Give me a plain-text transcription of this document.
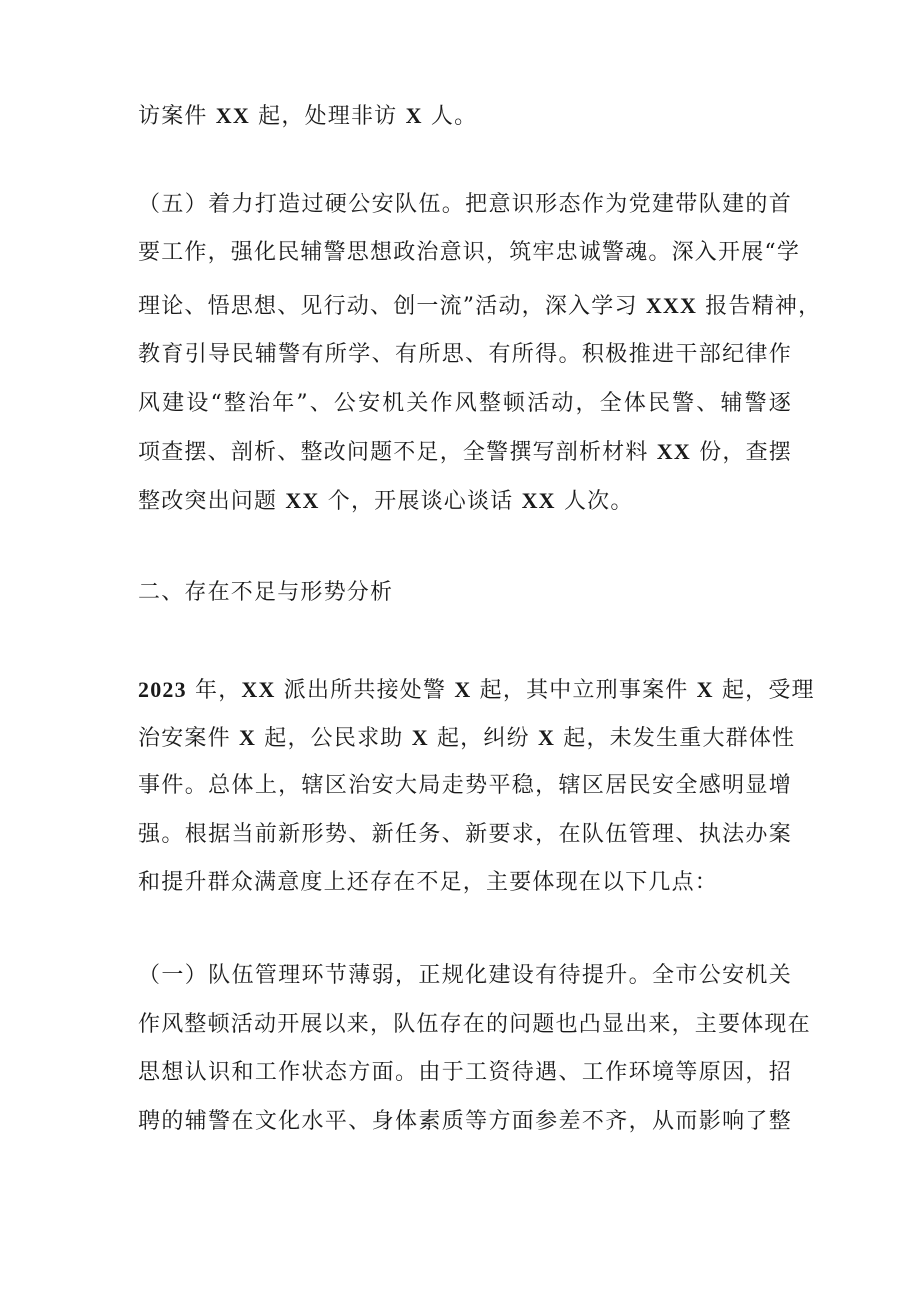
访案件 XX 起，处理非访 X 人。
（五）着力打造过硬公安队伍。把意识形态作为党建带队建的首
要工作，强化民辅警思想政治意识，筑牢忠诚警魂。深入开展“学
理论、悟思想、见行动、创一流”活动，深入学习 XXX 报告精神，
教育引导民辅警有所学、有所思、有所得。积极推进干部纪律作
风建设“整治年”、公安机关作风整顿活动，全体民警、辅警逐
项查摆、剖析、整改问题不足，全警撰写剖析材料 XX 份，查摆
整改突出问题 XX 个，开展谈心谈话 XX 人次。
二、存在不足与形势分析
2023 年，XX 派出所共接处警 X 起，其中立刑事案件 X 起，受理
治安案件 X 起，公民求助 X 起，纠纷 X 起，未发生重大群体性
事件。总体上，辖区治安大局走势平稳，辖区居民安全感明显增
强。根据当前新形势、新任务、新要求，在队伍管理、执法办案
和提升群众满意度上还存在不足，主要体现在以下几点：
（一）队伍管理环节薄弱，正规化建设有待提升。全市公安机关
作风整顿活动开展以来，队伍存在的问题也凸显出来，主要体现在
思想认识和工作状态方面。由于工资待遇、工作环境等原因，招
聘的辅警在文化水平、身体素质等方面参差不齐，从而影响了整
